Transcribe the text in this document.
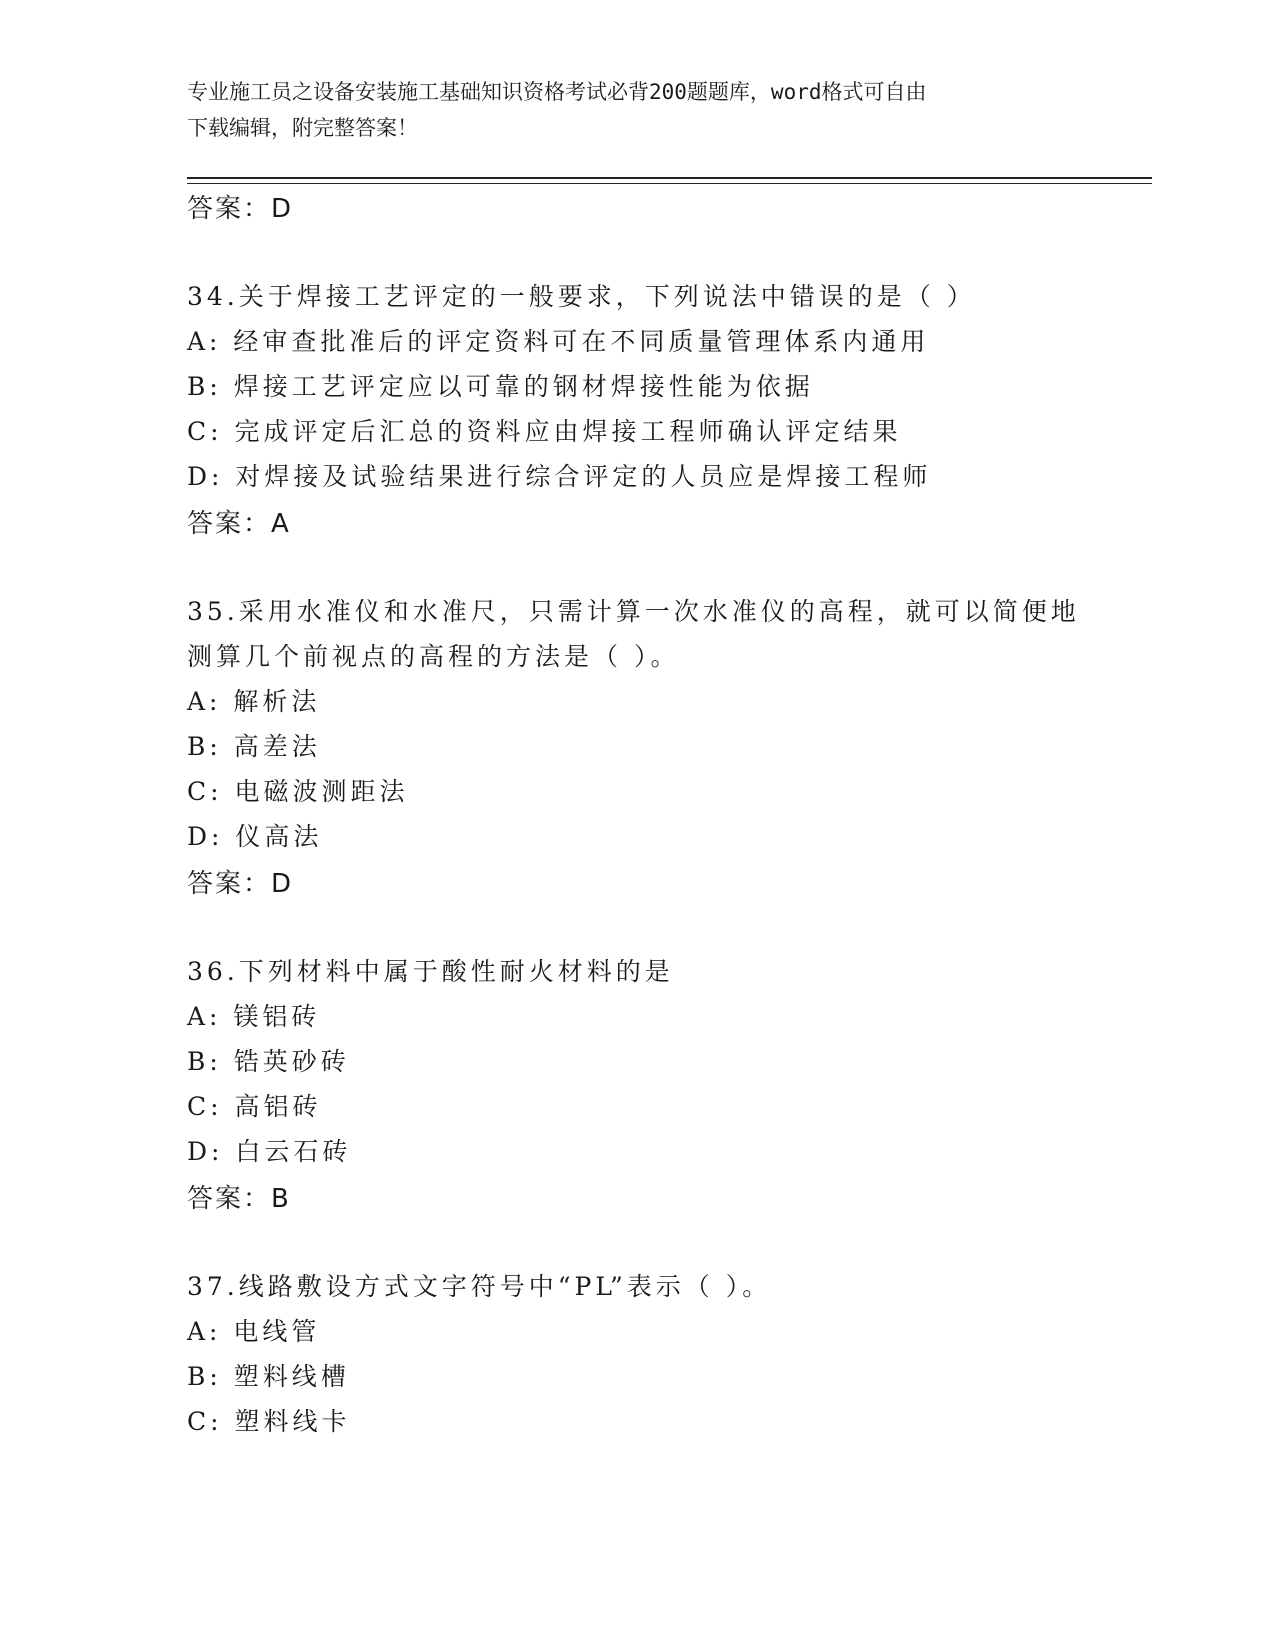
专业施工员之设备安装施工基础知识资格考试必背200题题库，word格式可自由
下载编辑，附完整答案！
答案：D
34.关于焊接工艺评定的一般要求，下列说法中错误的是（ ）
A: 经审查批准后的评定资料可在不同质量管理体系内通用
B: 焊接工艺评定应以可靠的钢材焊接性能为依据
C: 完成评定后汇总的资料应由焊接工程师确认评定结果
D: 对焊接及试验结果进行综合评定的人员应是焊接工程师
答案：A
35.采用水准仪和水准尺，只需计算一次水准仪的高程，就可以简便地
测算几个前视点的高程的方法是（ ）。
A: 解析法
B: 高差法
C: 电磁波测距法
D: 仪高法
答案：D
36.下列材料中属于酸性耐火材料的是
A: 镁铝砖
B: 锆英砂砖
C: 高铝砖
D: 白云石砖
答案：B
37.线路敷设方式文字符号中“PL”表示（ ）。
A: 电线管
B: 塑料线槽
C: 塑料线卡
